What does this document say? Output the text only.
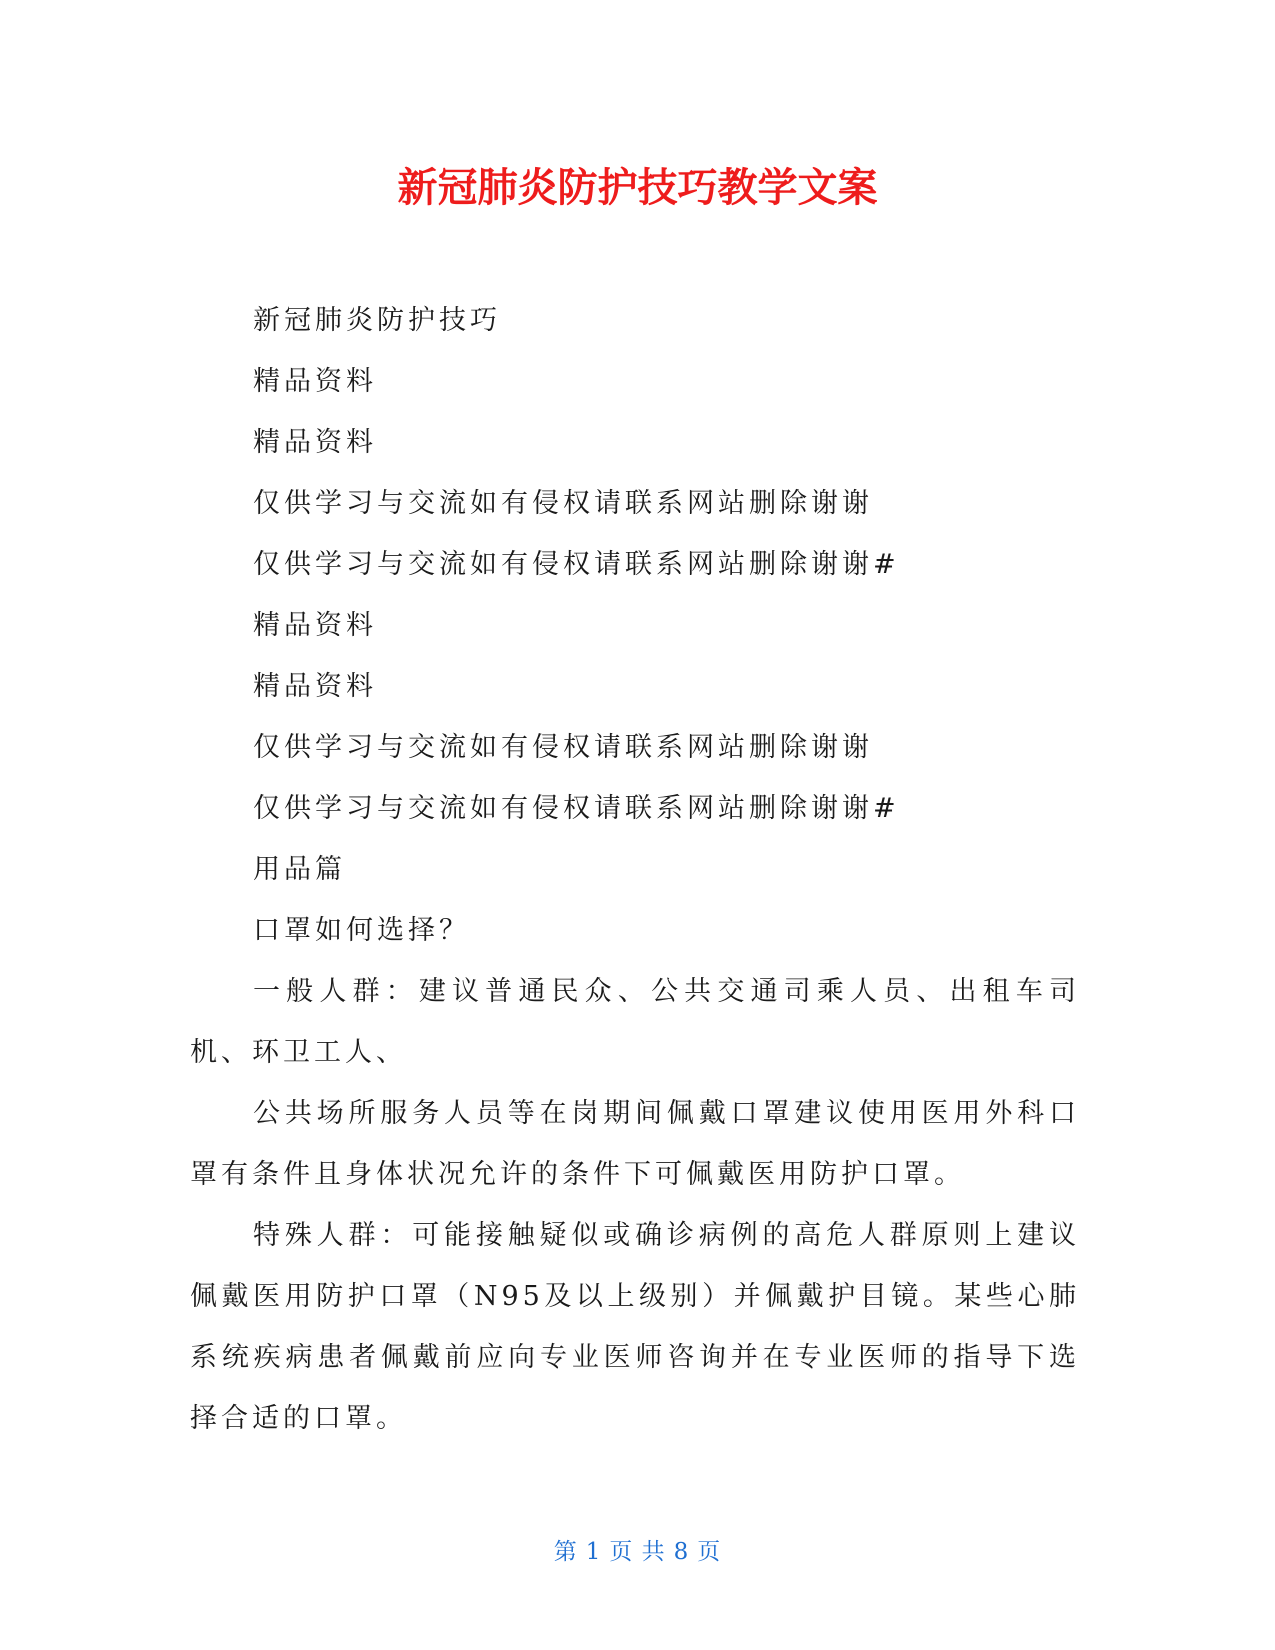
新冠肺炎防护技巧教学文案

新冠肺炎防护技巧

精品资料

精品资料

仅供学习与交流如有侵权请联系网站删除谢谢

仅供学习与交流如有侵权请联系网站删除谢谢#

精品资料

精品资料

仅供学习与交流如有侵权请联系网站删除谢谢

仅供学习与交流如有侵权请联系网站删除谢谢#

用品篇

口罩如何选择？

一般人群：建议普通民众、公共交通司乘人员、出租车司机、环卫工人、

公共场所服务人员等在岗期间佩戴口罩建议使用医用外科口罩有条件且身体状况允许的条件下可佩戴医用防护口罩。

特殊人群：可能接触疑似或确诊病例的高危人群原则上建议佩戴医用防护口罩（N95及以上级别）并佩戴护目镜。某些心肺系统疾病患者佩戴前应向专业医师咨询并在专业医师的指导下选择合适的口罩。

第 1 页 共 8 页
